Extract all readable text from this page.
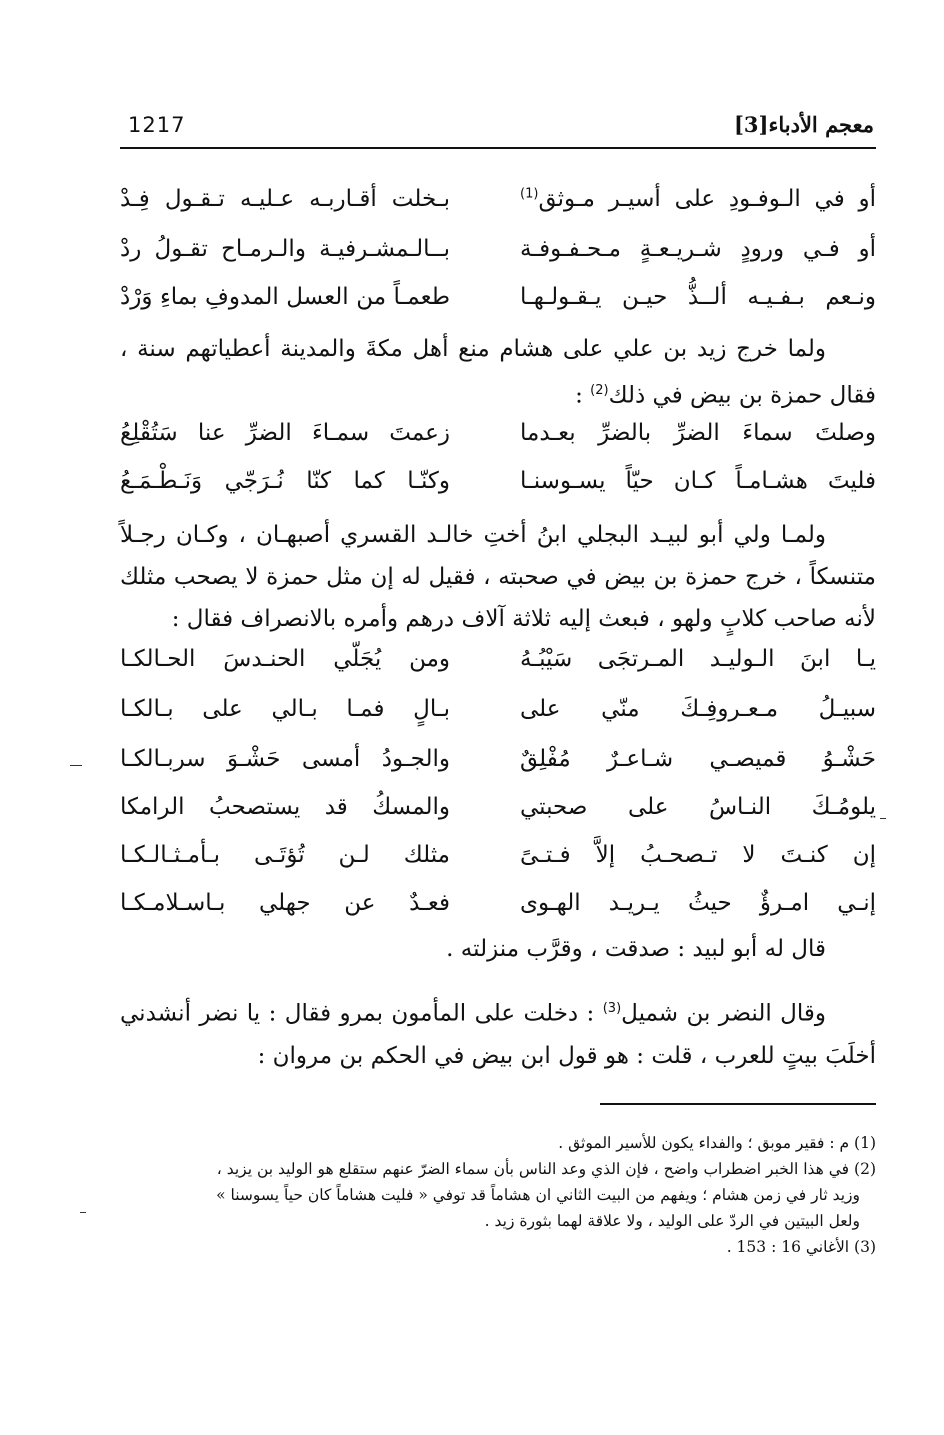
1217	معجم الأدباء[3]
أو في الـوفـودِ على أسيـر مـوثق$^{(1)}$
بـخلت أقـاربـه عـليـه تـقـول فِـدْ
أو فـي ورودٍ شـريـعـةٍ مـحـفـوفـة
بــالـمشـرفيـة والـرمـاح تقـولُ ردْ
ونـعم بـفـيـه ألــذُّ حيـن يـقـولـهـا
طعمـاً من العسل المدوفِ بماءِ وَرْدْ

ولما خرج زيد بن علي على هشام منع أهل مكةَ والمدينة أعطياتهم سنة ، فقال حمزة بن بيض في ذلك$^{(2)}$ :

وصلتَ سماءَ الضرِّ بالضرِّ بعـدما
زعمتَ سمـاءَ الضرِّ عنا سَتُقْلِعُ
فليتَ هشـامـاً كـان حيّاً يسـوسنـا
وكنّـا كما كنّا نُـرَجّي وَنَـطْـمَـعُ

ولمـا ولي أبو لبيـد البجلي ابنُ أختِ خالـد القسري أصبهـان ، وكـان رجـلاً متنسكاً ، خرج حمزة بن بيض في صحبته ، فقيل له إن مثل حمزة لا يصحب مثلك لأنه صاحب كلابٍ ولهو ، فبعث إليه ثلاثة آلاف درهم وأمره بالانصراف فقال :

يـا ابنَ الـوليـد المـرتجَى سَيْبُـهُ
ومن يُجَلّي الحنـدسَ الحـالكـا
سبيـلُ مـعـروفِـكَ منّي على
بـالٍ فمـا بـالي على بـالكـا
حَشْـوُ قميصـي شـاعـرٌ مُفْلِقٌ
والجـودُ أمسى حَشْـوَ سربـالكـا
يلومُـكَ النـاسُ على صحبتي
والمسكُ قد يستصحبُ الرامكا
إن كنـتَ لا تـصحـبُ إلاَّ فـتـىً
مثلك لـن تُؤتَـى بـأمـثـالـكـا
إنـي امـرؤٌ حيثُ يـريـد الهـوى
فعـدٌ عن جهلي بـاسـلامـكـا

قال له أبو لبيد : صدقت ، وقرَّب منزلته .

وقال النضر بن شميل$^{(3)}$ : دخلت على المأمون بمرو فقال : يا نضر أنشدني أخلَبَ بيتٍ للعرب ، قلت : هو قول ابن بيض في الحكم بن مروان :

(1) م : فقير موبق ؛ والفداء يكون للأسير الموثق .

(2) في هذا الخبر اضطراب واضح ، فإن الذي وعد الناس بأن سماء الضرّ عنهم ستقلع هو الوليد بن يزيد ،

وزيد ثار في زمن هشام ؛ ويفهم من البيت الثاني ان هشاماً قد توفي « فليت هشاماً كان حياً يسوسنا »

ولعل البيتين في الردّ على الوليد ، ولا علاقة لهما بثورة زيد .

(3) الأغاني 16 : 153 .
